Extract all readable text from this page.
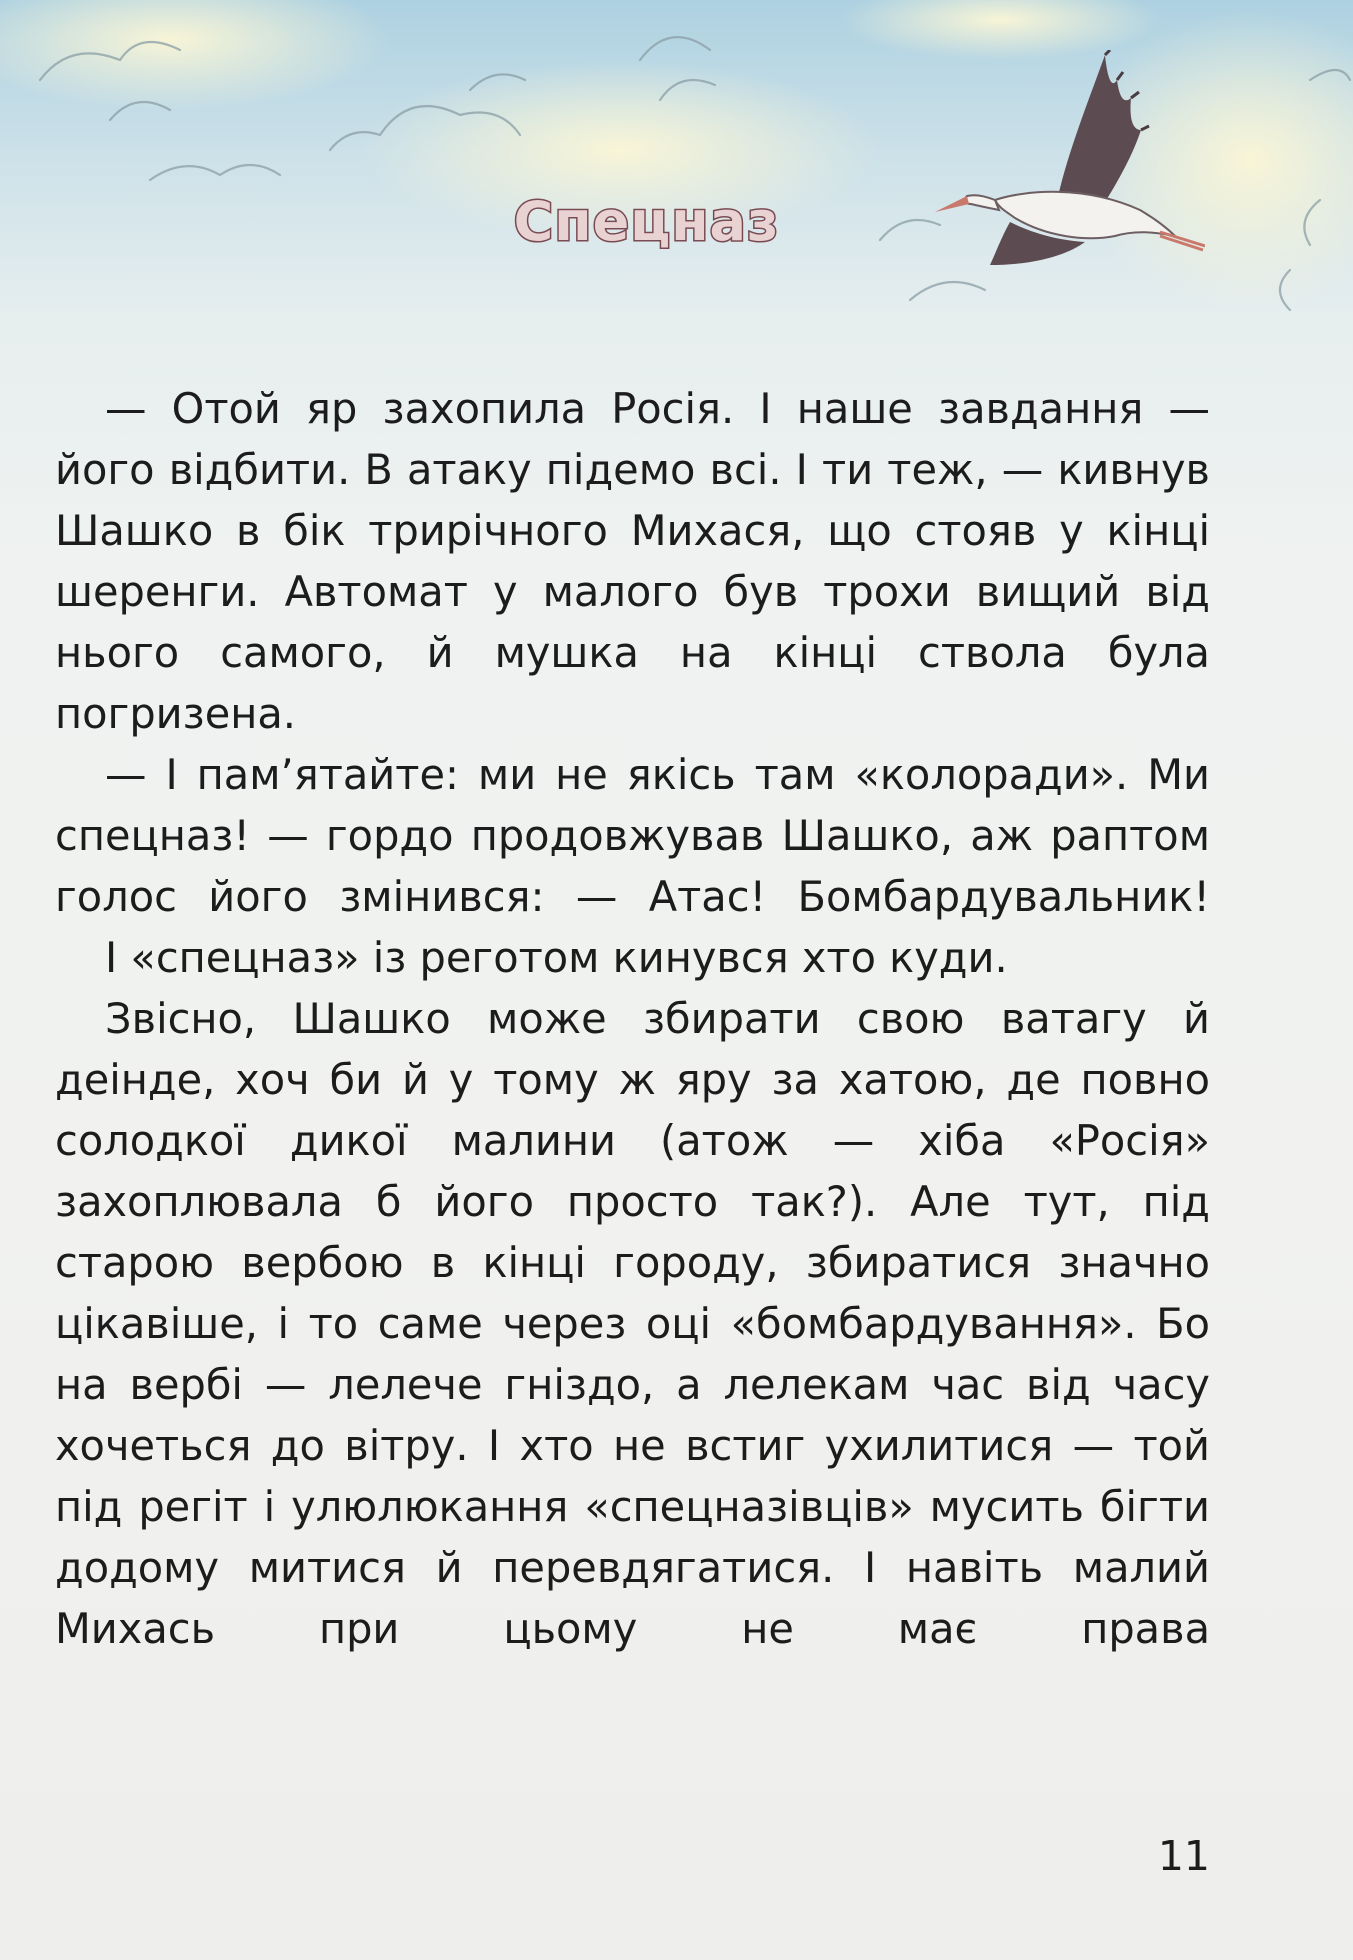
Спецназ

— Отой яр захопила Росія. І наше завдання — його відбити. В атаку підемо всі. І ти теж, — кивнув Шашко в бік трирічного Михася, що стояв у кінці шеренги. Автомат у малого був трохи вищий від нього самого, й мушка на кінці ствола була погризена.

— І пам’ятайте: ми не якісь там «колоради». Ми спецназ! — гордо продовжував Шашко, аж раптом голос його змінився: — Атас! Бомбардувальник!

І «спецназ» із реготом кинувся хто куди.

Звісно, Шашко може збирати свою ватагу й деінде, хоч би й у тому ж яру за хатою, де повно солодкої дикої малини (атож — хіба «Росія» захоплювала б його просто так?). Але тут, під старою вербою в кінці городу, збиратися значно цікавіше, і то саме через оці «бомбардування». Бо на вербі — лелече гніздо, а лелекам час від часу хочеться до вітру. І хто не встиг ухилитися — той під регіт і улюлюкання «спецназівців» мусить бігти додому митися й перевдягатися. І навіть малий Михась при цьому не має права

11
